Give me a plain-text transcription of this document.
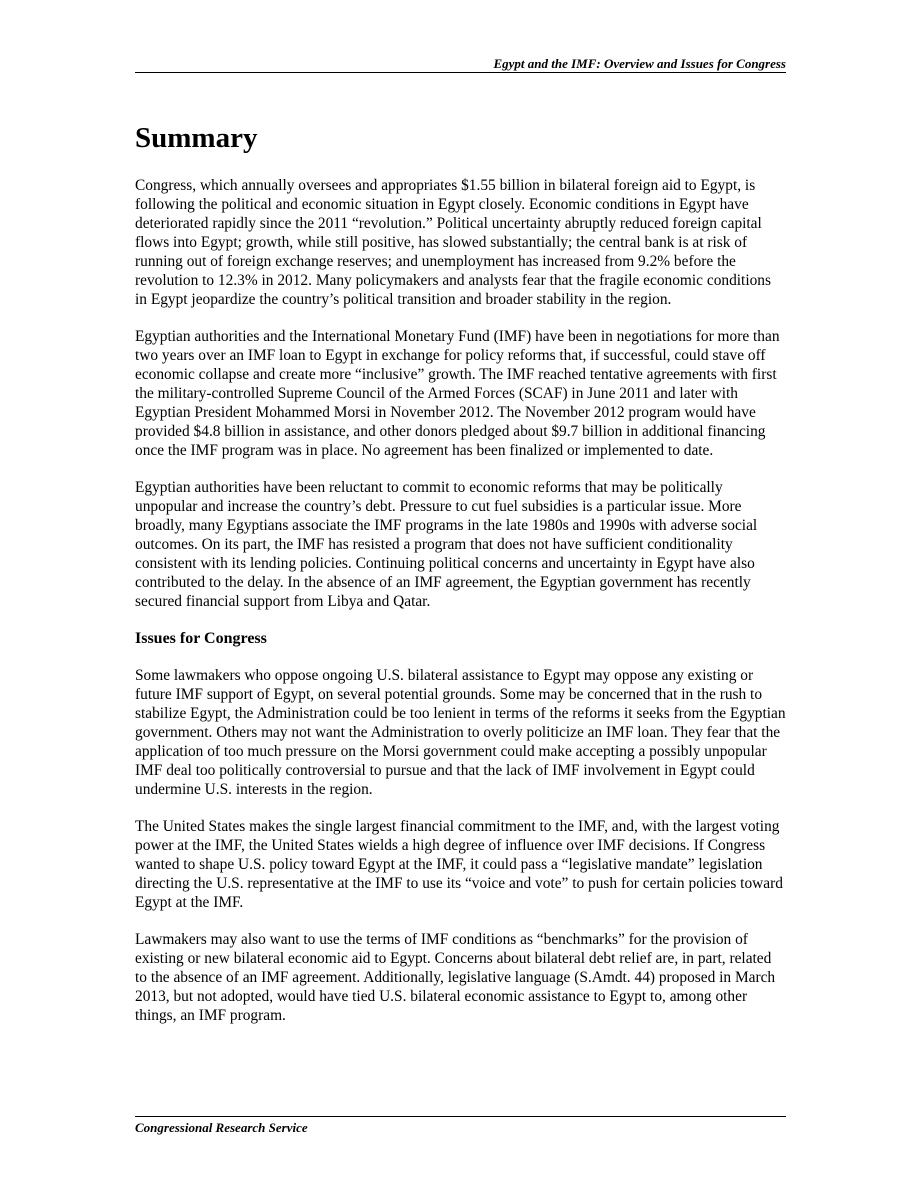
Egypt and the IMF: Overview and Issues for Congress
Summary

Congress, which annually oversees and appropriates $1.55 billion in bilateral foreign aid to Egypt, is following the political and economic situation in Egypt closely. Economic conditions in Egypt have deteriorated rapidly since the 2011 “revolution.” Political uncertainty abruptly reduced foreign capital flows into Egypt; growth, while still positive, has slowed substantially; the central bank is at risk of running out of foreign exchange reserves; and unemployment has increased from 9.2% before the revolution to 12.3% in 2012. Many policymakers and analysts fear that the fragile economic conditions in Egypt jeopardize the country’s political transition and broader stability in the region.

Egyptian authorities and the International Monetary Fund (IMF) have been in negotiations for more than two years over an IMF loan to Egypt in exchange for policy reforms that, if successful, could stave off economic collapse and create more “inclusive” growth. The IMF reached tentative agreements with first the military-controlled Supreme Council of the Armed Forces (SCAF) in June 2011 and later with Egyptian President Mohammed Morsi in November 2012. The November 2012 program would have provided $4.8 billion in assistance, and other donors pledged about $9.7 billion in additional financing once the IMF program was in place. No agreement has been finalized or implemented to date.

Egyptian authorities have been reluctant to commit to economic reforms that may be politically unpopular and increase the country’s debt. Pressure to cut fuel subsidies is a particular issue. More broadly, many Egyptians associate the IMF programs in the late 1980s and 1990s with adverse social outcomes. On its part, the IMF has resisted a program that does not have sufficient conditionality consistent with its lending policies. Continuing political concerns and uncertainty in Egypt have also contributed to the delay. In the absence of an IMF agreement, the Egyptian government has recently secured financial support from Libya and Qatar.

Issues for Congress

Some lawmakers who oppose ongoing U.S. bilateral assistance to Egypt may oppose any existing or future IMF support of Egypt, on several potential grounds. Some may be concerned that in the rush to stabilize Egypt, the Administration could be too lenient in terms of the reforms it seeks from the Egyptian government. Others may not want the Administration to overly politicize an IMF loan. They fear that the application of too much pressure on the Morsi government could make accepting a possibly unpopular IMF deal too politically controversial to pursue and that the lack of IMF involvement in Egypt could undermine U.S. interests in the region.

The United States makes the single largest financial commitment to the IMF, and, with the largest voting power at the IMF, the United States wields a high degree of influence over IMF decisions. If Congress wanted to shape U.S. policy toward Egypt at the IMF, it could pass a “legislative mandate” legislation directing the U.S. representative at the IMF to use its “voice and vote” to push for certain policies toward Egypt at the IMF.

Lawmakers may also want to use the terms of IMF conditions as “benchmarks” for the provision of existing or new bilateral economic aid to Egypt. Concerns about bilateral debt relief are, in part, related to the absence of an IMF agreement. Additionally, legislative language (S.Amdt. 44) proposed in March 2013, but not adopted, would have tied U.S. bilateral economic assistance to Egypt to, among other things, an IMF program.

Congressional Research Service
